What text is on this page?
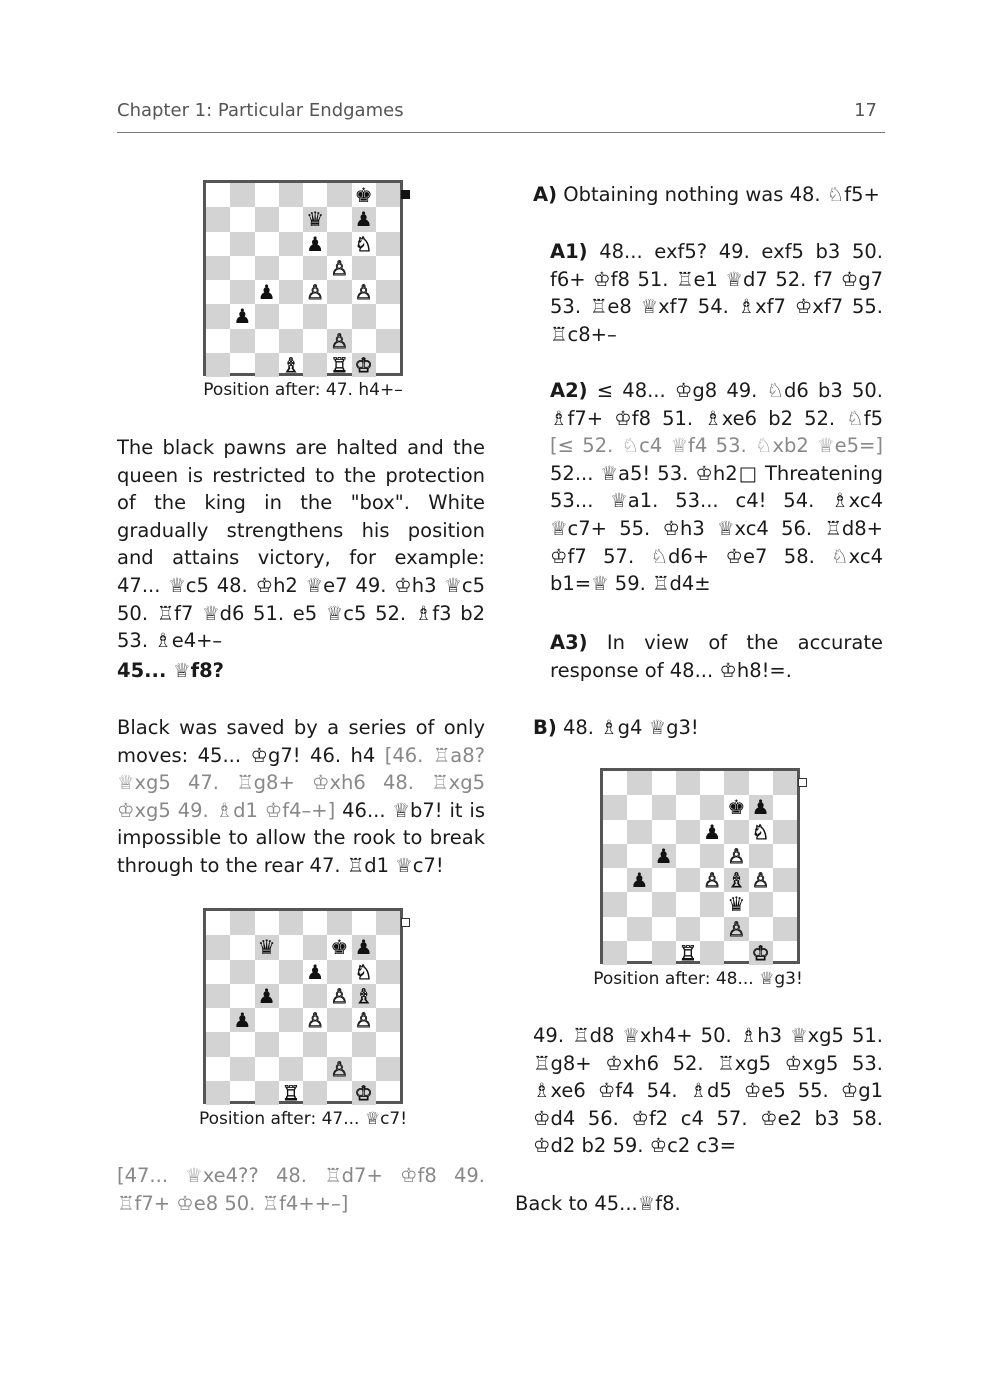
Chapter 1: Particular Endgames	17
♚
♛ ♟
♟ ♘
♙
♟ ♙ ♙
♟
♙
♗ ♖ ♔
Position after: 47. h4+–

The black pawns are halted and the queen is restricted to the protection of the king in the "box". White gradually strengthens his position and attains victory, for example: 47... ♕c5 48. ♔h2 ♕e7 49. ♔h3 ♕c5 50. ♖f7 ♕d6 51. e5 ♕c5 52. ♗f3 b2 53. ♗e4+–

45... ♕f8?

Black was saved by a series of only moves: 45... ♔g7! 46. h4 [46. ♖a8? ♕xg5 47. ♖g8+ ♔xh6 48. ♖xg5 ♔xg5 49. ♗d1 ♔f4–+] 46... ♕b7! it is impossible to allow the rook to break through to the rear 47. ♖d1 ♕c7!

♛	♚ ♟
♟ ♘
♟	♙ ♗
♟	♙ ♙
♙
♖	♔
Position after: 47... ♕c7!

[47... ♕xe4?? 48. ♖d7+ ♔f8 49. ♖f7+ ♔e8 50. ♖f4++–]

A) Obtaining nothing was 48. ♘f5+

A1) 48... exf5? 49. exf5 b3 50. f6+ ♔f8 51. ♖e1 ♕d7 52. f7 ♔g7 53. ♖e8 ♕xf7 54. ♗xf7 ♔xf7 55. ♖c8+–

A2) ≤ 48... ♔g8 49. ♘d6 b3 50. ♗f7+ ♔f8 51. ♗xe6 b2 52. ♘f5 [≤ 52. ♘c4 ♕f4 53. ♘xb2 ♕e5=] 52... ♕a5! 53. ♔h2□ Threatening 53... ♕a1. 53... c4! 54. ♗xc4 ♕c7+ 55. ♔h3 ♕xc4 56. ♖d8+ ♔f7 57. ♘d6+ ♔e7 58. ♘xc4 b1=♕ 59. ♖d4±

A3) In view of the accurate response of 48... ♔h8!=.

B) 48. ♗g4 ♕g3!

♚ ♟
♟ ♘
♟	♙
♟	♙ ♗ ♙
♛
♙
♖	♔
Position after: 48... ♕g3!

49. ♖d8 ♕xh4+ 50. ♗h3 ♕xg5 51. ♖g8+ ♔xh6 52. ♖xg5 ♔xg5 53. ♗xe6 ♔f4 54. ♗d5 ♔e5 55. ♔g1 ♔d4 56. ♔f2 c4 57. ♔e2 b3 58. ♔d2 b2 59. ♔c2 c3=

Back to 45...♕f8.
